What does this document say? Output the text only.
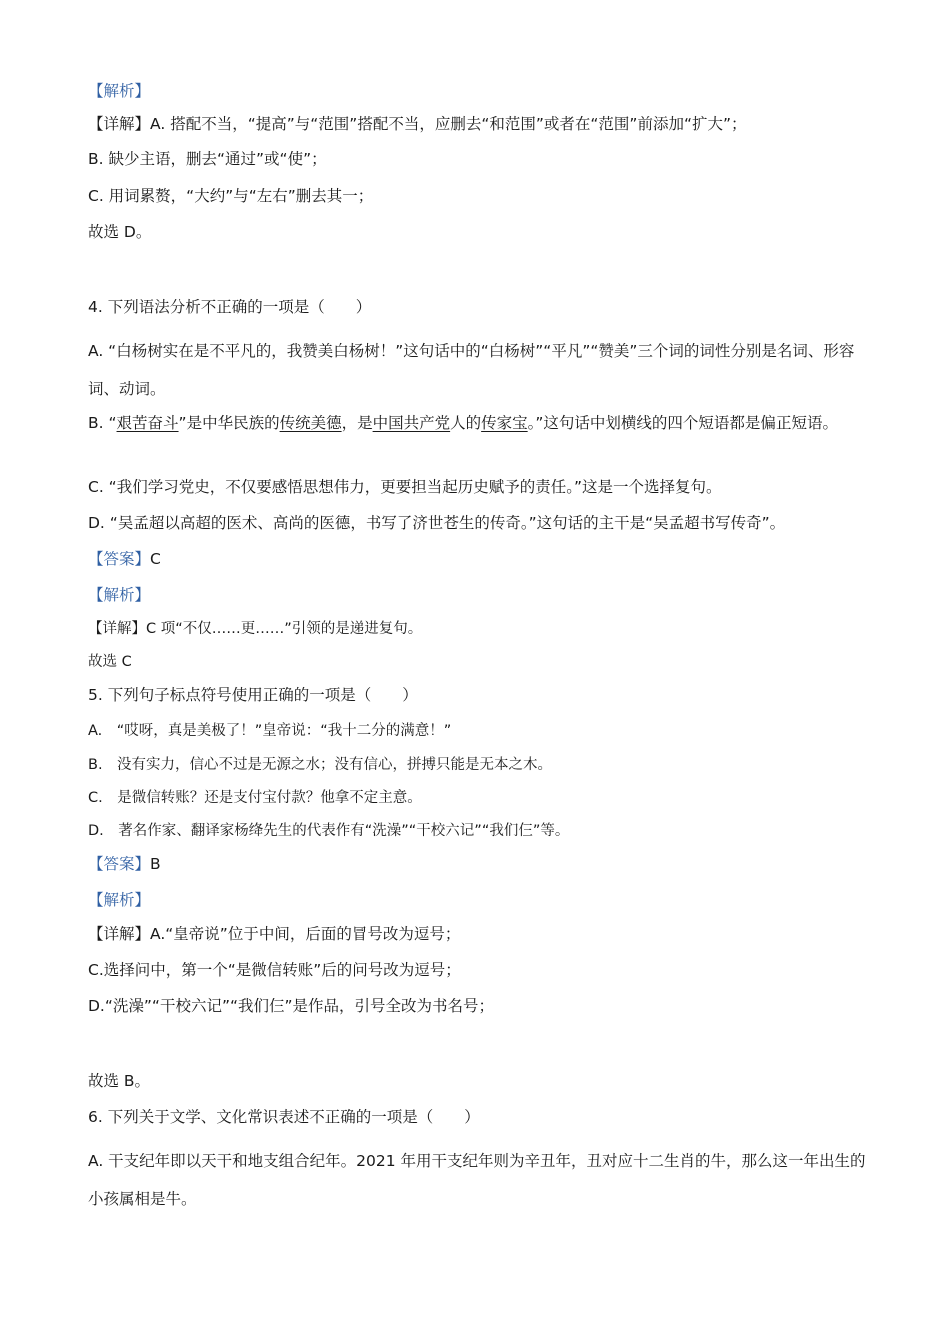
【解析】
【详解】A. 搭配不当，“提高”与“范围”搭配不当，应删去“和范围”或者在“范围”前添加“扩大”；
B. 缺少主语，删去“通过”或“使”；
C. 用词累赘，“大约”与“左右”删去其一；
故选 D。
4. 下列语法分析不正确的一项是（　　）
A. “白杨树实在是不平凡的，我赞美白杨树！”这句话中的“白杨树”“平凡”“赞美”三个词的词性分别是名词、形容词、动词。
B. “艰苦奋斗”是中华民族的传统美德，是中国共产党人的传家宝。”这句话中划横线的四个短语都是偏正短语。
C. “我们学习党史，不仅要感悟思想伟力，更要担当起历史赋予的责任。”这是一个选择复句。
D. “吴孟超以高超的医术、高尚的医德，书写了济世苍生的传奇。”这句话的主干是“吴孟超书写传奇”。
【答案】C
【解析】
【详解】C 项“不仅……更……”引领的是递进复句。
故选 C
5. 下列句子标点符号使用正确的一项是（　　）
A.　“哎呀，真是美极了！”皇帝说：“我十二分的满意！”
B.　没有实力，信心不过是无源之水；没有信心，拼搏只能是无本之木。
C.　是微信转账？还是支付宝付款？他拿不定主意。
D.　著名作家、翻译家杨绛先生的代表作有“洗澡”“干校六记”“我们仨”等。
【答案】B
【解析】
【详解】A.“皇帝说”位于中间，后面的冒号改为逗号；
C.选择问中，第一个“是微信转账”后的问号改为逗号；
D.“洗澡”“干校六记”“我们仨”是作品，引号全改为书名号；
故选 B。
6. 下列关于文学、文化常识表述不正确的一项是（　　）
A. 干支纪年即以天干和地支组合纪年。2021 年用干支纪年则为辛丑年，丑对应十二生肖的牛，那么这一年出生的小孩属相是牛。
